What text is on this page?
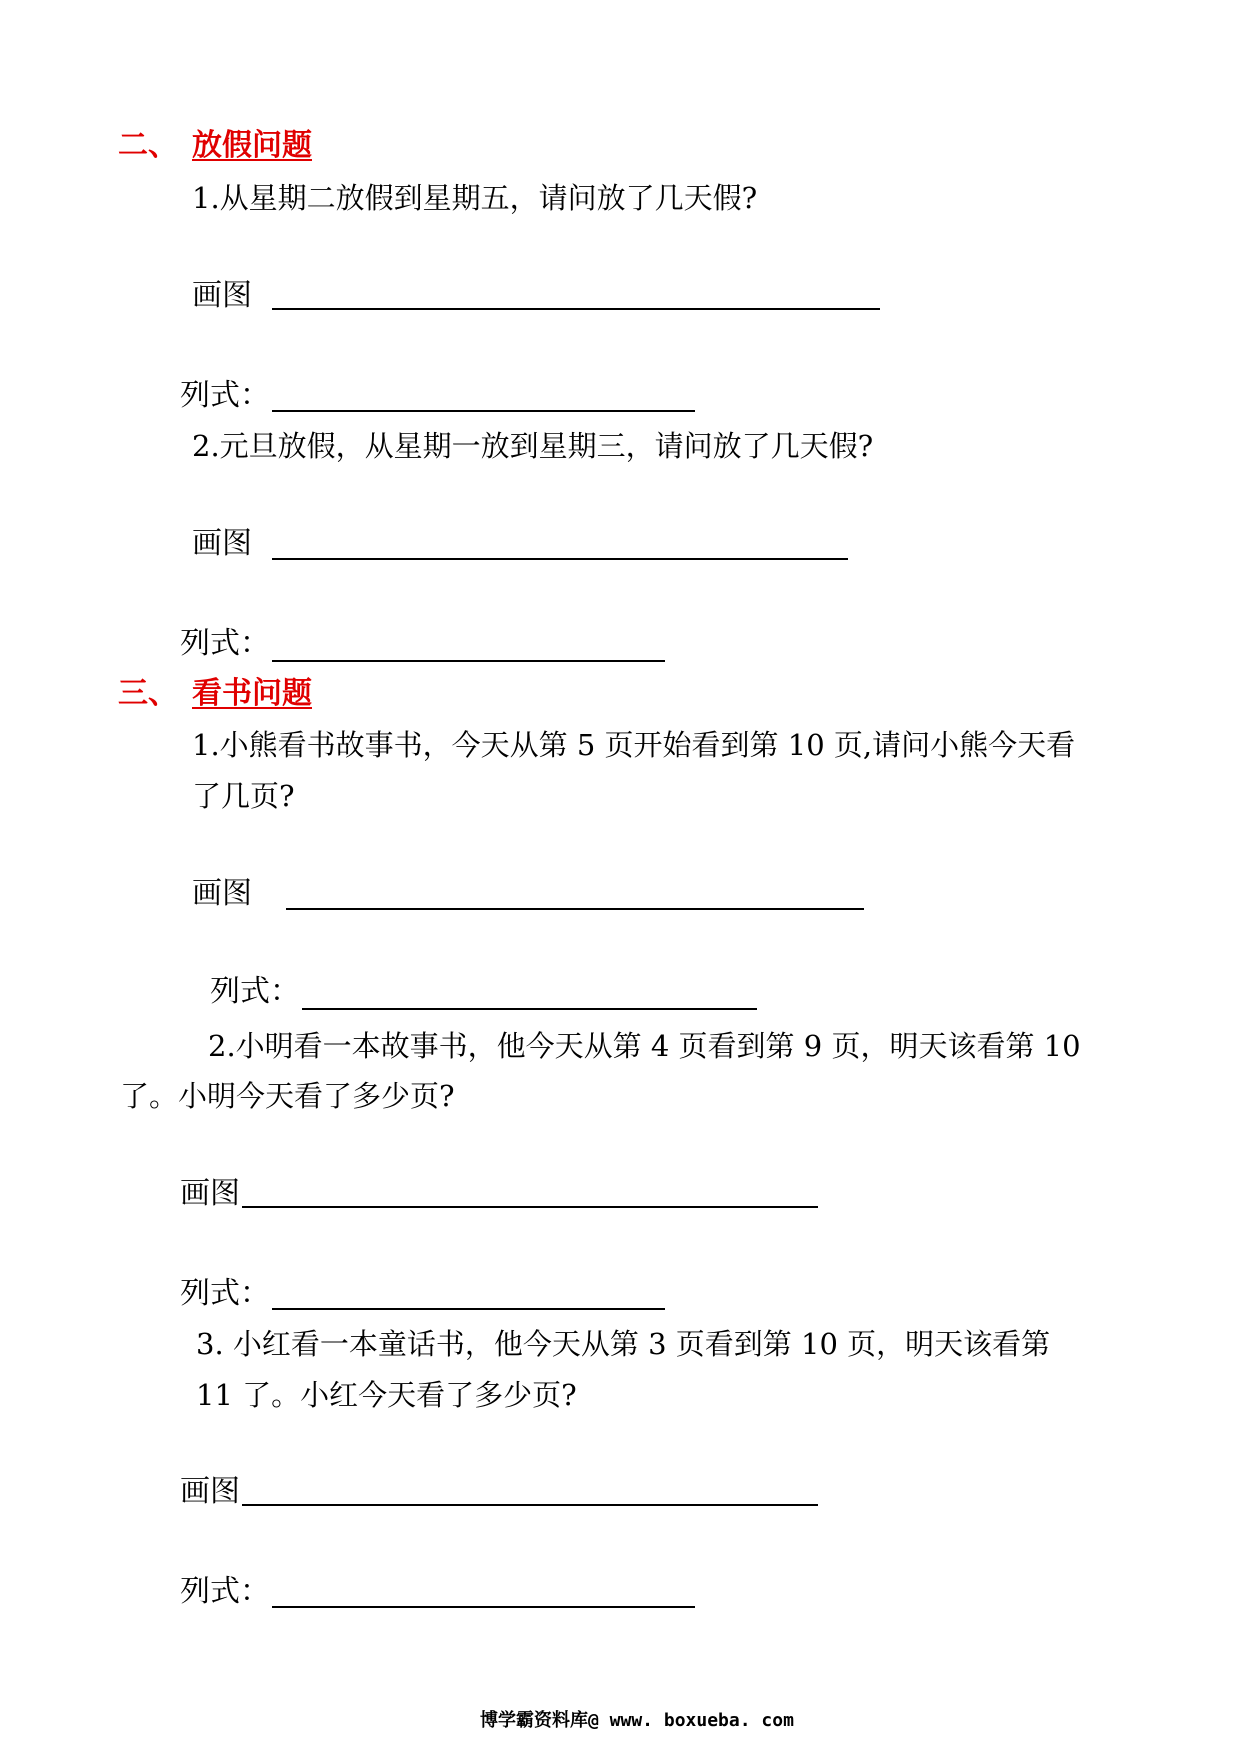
二、 放假问题
1.从星期二放假到星期五，请问放了几天假?
画图
列式：
2.元旦放假，从星期一放到星期三，请问放了几天假?
画图
列式：
三、 看书问题
1.小熊看书故事书，今天从第 5 页开始看到第 10 页,请问小熊今天看
了几页?
画图
列式：
2.小明看一本故事书，他今天从第 4 页看到第 9 页，明天该看第 10
了。小明今天看了多少页?
画图
列式：
3. 小红看一本童话书，他今天从第 3 页看到第 10 页，明天该看第
11 了。小红今天看了多少页?
画图
列式：
博学霸资料库@ www. boxueba. com
